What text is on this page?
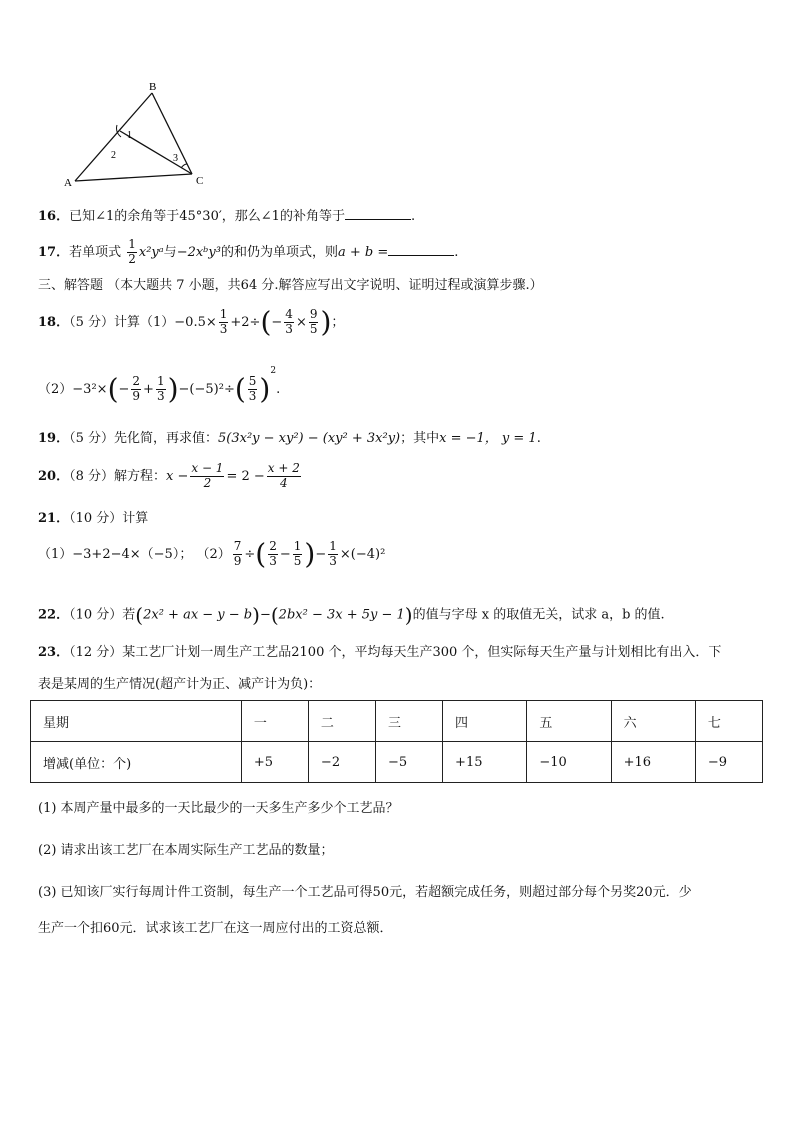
B
A	C
1
2	3
16．已知∠1的余角等于45°30′，那么∠1的补角等于	.
17．若单项式 $\frac{1}{2}$ x²yᵃ与−2xᵇy³的和仍为单项式，则a + b =	.
三、解答题 （本大题共 7 小题，共64 分.解答应写出文字说明、证明过程或演算步骤.）
18．（5 分）计算$(1)-0.5\times \frac{1}{3} +2\div(- \frac{4}{3} \times \frac{9}{5}$ )；
$(2)-3^2\times(- \frac{2}{9} + \frac{1}{3} )-(-5)^2\div( \frac{5}{3} )^2$.
19．（5 分）先化简，再求值：5(3x²y − xy²) − (xy² + 3x²y)；其中x = −1， y = 1.
20．（8 分）解方程：$x - \frac{x - 1}{2} = 2 - \frac{x + 2}{4}$
21．（10 分）计算
（1）−3+2−4×（−5）； $(2) \frac{7}{9}$ ÷( $\frac{2}{3} - \frac{1}{5}$ )− $\frac{1}{3} \times(-4)^2$
22．（10 分）若(2x² + ax − y − b)−(2bx² − 3x + 5y − 1)的值与字母 x 的取值无关，试求 a，b 的值.
23．（12 分）某工艺厂计划一周生产工艺品2100 个，平均每天生产300 个，但实际每天生产量与计划相比有出入．下
表是某周的生产情况(超产计为正、减产计为负)：
星期	一	二	三	四	五	六	七
增减(单位：个)	+5	−2	−5	+15	−10	+16	−9
(1) 本周产量中最多的一天比最少的一天多生产多少个工艺品？
(2) 请求出该工艺厂在本周实际生产工艺品的数量；
(3) 已知该厂实行每周计件工资制，每生产一个工艺品可得50元，若超额完成任务，则超过部分每个另奖20元．少
生产一个扣60元．试求该工艺厂在这一周应付出的工资总额．
